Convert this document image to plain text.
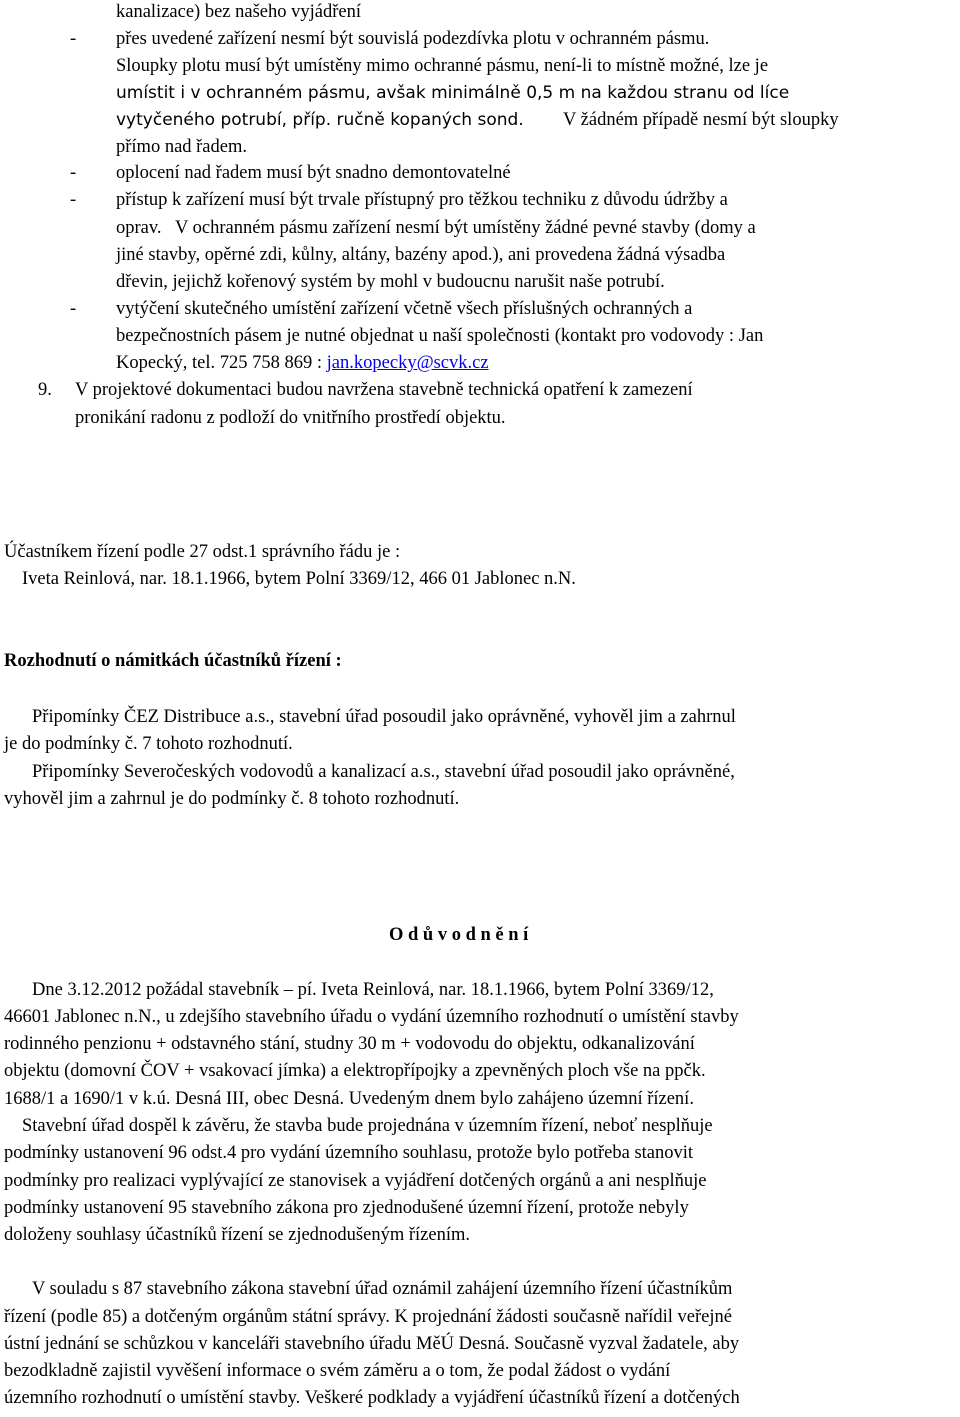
kanalizace) bez našeho vyjádření
- přes uvedené zařízení nesmí být souvislá podezdívka plotu v ochranném pásmu.
Sloupky plotu musí být umístěny mimo ochranné pásmu, není-li to místně možné, lze je
umístit i v ochranném pásmu, avšak minimálně 0,5 m na každou stranu od líce
vytyčeného potrubí, příp. ručně kopaných sond. V žádném případě nesmí být sloupky
přímo nad řadem.
- oplocení nad řadem musí být snadno demontovatelné
- přístup k zařízení musí být trvale přístupný pro těžkou techniku z důvodu údržby a
oprav. V ochranném pásmu zařízení nesmí být umístěny žádné pevné stavby (domy a
jiné stavby, opěrné zdi, kůlny, altány, bazény apod.), ani provedena žádná výsadba
dřevin, jejichž kořenový systém by mohl v budoucnu narušit naše potrubí.
- vytýčení skutečného umístění zařízení včetně všech příslušných ochranných a
bezpečnostních pásem je nutné objednat u naší společnosti (kontakt pro vodovody : Jan
Kopecký, tel. 725 758 869 : jan.kopecky@scvk.cz
9. V projektové dokumentaci budou navržena stavebně technická opatření k zamezení
pronikání radonu z podloží do vnitřního prostředí objektu.
Účastníkem řízení podle 27 odst.1 správního řádu je :
Iveta Reinlová, nar. 18.1.1966, bytem Polní 3369/12, 466 01 Jablonec n.N.
Rozhodnutí o námitkách účastníků řízení :
Připomínky ČEZ Distribuce a.s., stavební úřad posoudil jako oprávněné, vyhověl jim a zahrnul
je do podmínky č. 7 tohoto rozhodnutí.
Připomínky Severočeských vodovodů a kanalizací a.s., stavební úřad posoudil jako oprávněné,
vyhověl jim a zahrnul je do podmínky č. 8 tohoto rozhodnutí.
O d ů v o d n ě n í
Dne 3.12.2012 požádal stavebník – pí. Iveta Reinlová, nar. 18.1.1966, bytem Polní 3369/12,
46601 Jablonec n.N., u zdejšího stavebního úřadu o vydání územního rozhodnutí o umístění stavby
rodinného penzionu + odstavného stání, studny 30 m + vodovodu do objektu, odkanalizování
objektu (domovní ČOV + vsakovací jímka) a elektropřípojky a zpevněných ploch vše na ppčk.
1688/1 a 1690/1 v k.ú. Desná III, obec Desná. Uvedeným dnem bylo zahájeno územní řízení.
Stavební úřad dospěl k závěru, že stavba bude projednána v územním řízení, neboť nesplňuje
podmínky ustanovení 96 odst.4 pro vydání územního souhlasu, protože bylo potřeba stanovit
podmínky pro realizaci vyplývající ze stanovisek a vyjádření dotčených orgánů a ani nesplňuje
podmínky ustanovení 95 stavebního zákona pro zjednodušené územní řízení, protože nebyly
doloženy souhlasy účastníků řízení se zjednodušeným řízením.
V souladu s 87 stavebního zákona stavební úřad oznámil zahájení územního řízení účastníkům
řízení (podle 85) a dotčeným orgánům státní správy. K projednání žádosti současně nařídil veřejné
ústní jednání se schůzkou v kanceláři stavebního úřadu MěÚ Desná. Současně vyzval žadatele, aby
bezodkladně zajistil vyvěšení informace o svém záměru a o tom, že podal žádost o vydání
územního rozhodnutí o umístění stavby. Veškeré podklady a vyjádření účastníků řízení a dotčených
